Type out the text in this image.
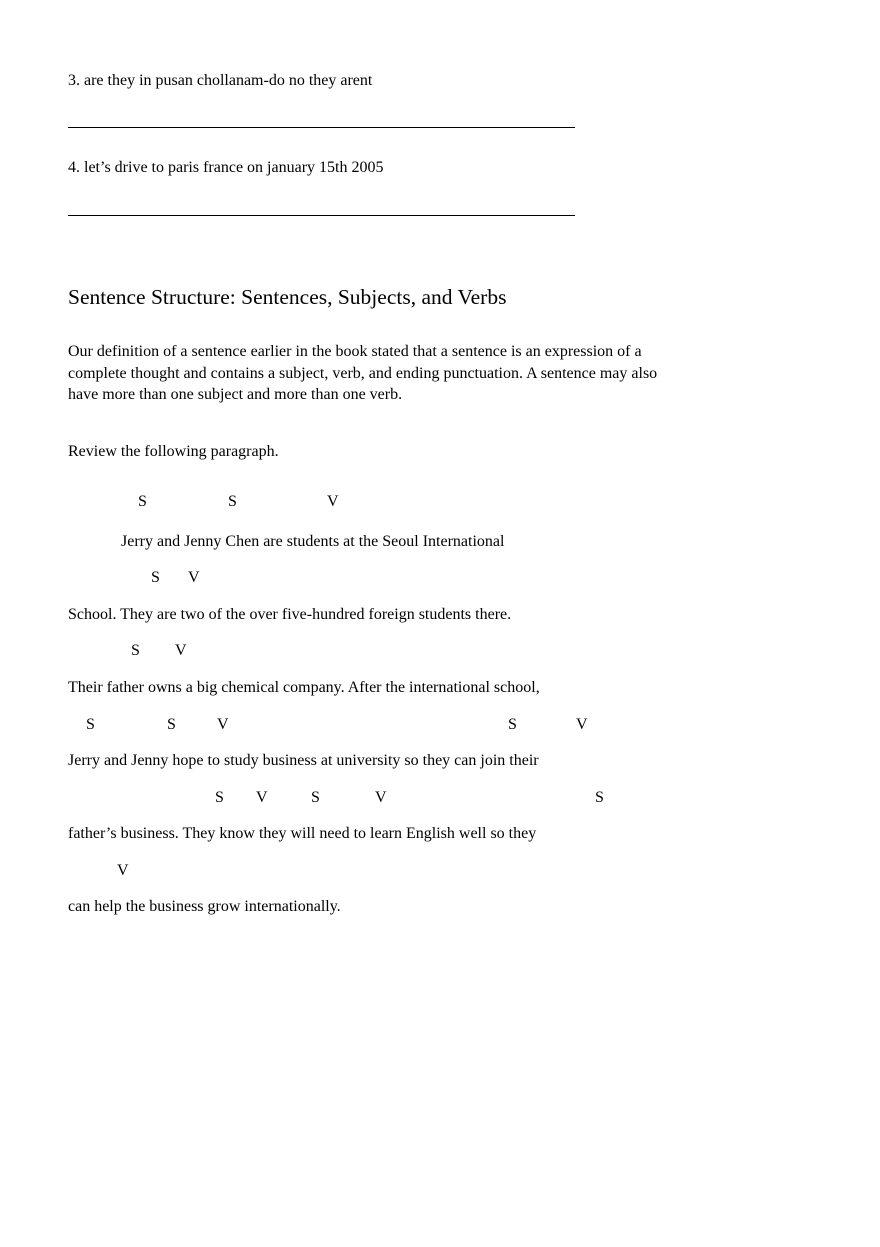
3. are they in pusan chollanam-do no they arent
4. let’s drive to paris france on january 15th 2005
Sentence Structure: Sentences, Subjects, and Verbs
Our definition of a sentence earlier in the book stated that a sentence is an expression of a complete thought and contains a subject, verb, and ending punctuation. A sentence may also have more than one subject and more than one verb.
Review the following paragraph.
S	S	V
Jerry and Jenny Chen are students at the Seoul International
S V
School. They are two of the over five-hundred foreign students there.
S V
Their father owns a big chemical company. After the international school,
S	S	V	S	V
Jerry and Jenny hope to study business at university so they can join their
S V	S	V	S
father’s business. They know they will need to learn English well so they
V
can help the business grow internationally.
